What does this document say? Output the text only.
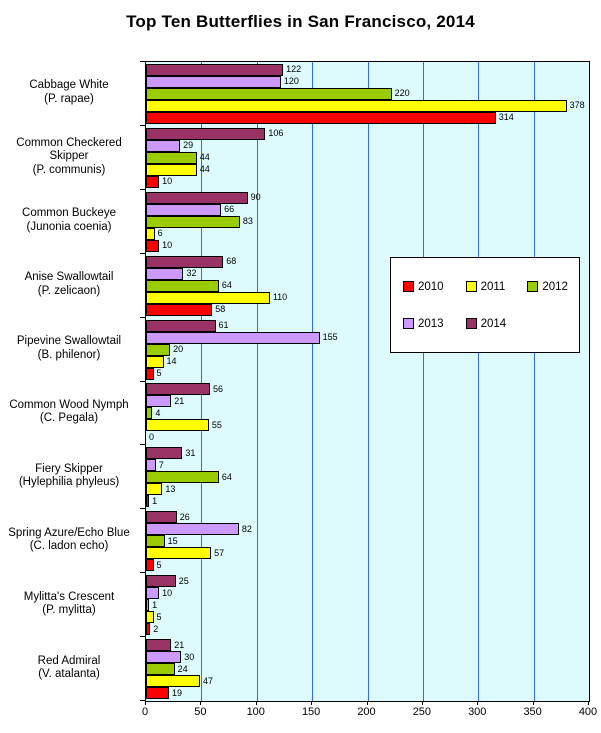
Top Ten Butterflies in San Francisco, 2014
122
120
220
378
314
106
29
44
44
10
90
66
83
6
10
68
32
64
110
58
61
155
20
14
5
56
21
4
55
0
31
7
64
13
1
26
82
15
57
5
25
10
1
5
2
21
30
24
47
19
Cabbage White
(P. rapae)
Common Checkered
Skipper
(P. communis)
Common Buckeye
(Junonia coenia)
Anise Swallowtail
(P. zelicaon)
Pipevine Swallowtail
(B. philenor)
Common Wood Nymph
(C. Pegala)
Fiery Skipper
(Hylephilia phyleus)
Spring Azure/Echo Blue
(C. ladon echo)
Mylitta's Crescent
(P. mylitta)
Red Admiral
(V. atalanta)
0	50	100	150	200	250	300	350	400
2010	2011	2012
2013	2014
